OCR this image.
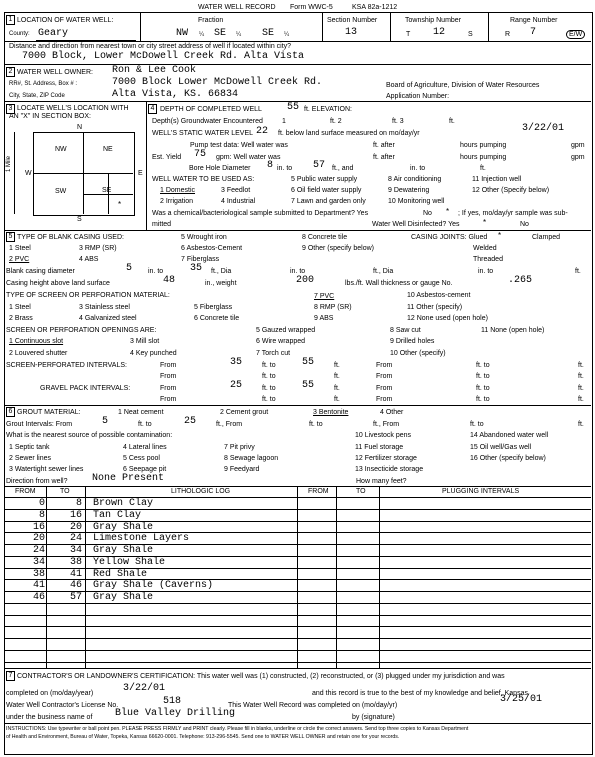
WATER WELL RECORD Form WWC-5	KSA 82a-1212
1 LOCATION OF WATER WELL:
County: Geary
Fraction
NW ¼ SE ¼ SE ¼
Section Number
13
Township Number
T 12	S
Range Number
R 7	E/W
Distance and direction from nearest town or city street address of well if located within city?
7000 Block, Lower McDowell Creek Rd. Alta Vista
2 WATER WELL OWNER: Ron & Lee Cook
RR#, St. Address, Box # :	7000 Block Lower McDowell Creek Rd.
City, State, ZIP Code	Alta Vista, KS. 66834
Board of Agriculture, Division of Water Resources
Application Number:
3 LOCATE WELL'S LOCATION WITH
AN "X" IN SECTION BOX:
N
S
W	E
NW	NE
SW	SE
*
1 Mile
4 DEPTH OF COMPLETED WELL	55 ft. ELEVATION:
Depth(s) Groundwater Encountered	1	ft. 2	ft. 3	ft.
WELL'S STATIC WATER LEVEL 22 ft. below land surface measured on mo/day/yr	3/22/01
Pump test data: Well water was	ft. after	hours pumping	gpm
Est. Yield 75 gpm: Well water was	ft. after	hours pumping	gpm
Bore Hole Diameter 8 in. to 57 ft., and	in. to	ft.
WELL WATER TO BE USED AS:
1 Domestic
2 Irrigation
3 Feedlot
4 Industrial
5 Public water supply
6 Oil field water supply
7 Lawn and garden only
8 Air conditioning
9 Dewatering
10 Monitoring well
11 Injection well
12 Other (Specify below)
Was a chemical/bacteriological sample submitted to Department? Yes	No * ; If yes, mo/day/yr sample was sub-
mitted	Water Well Disinfected? Yes	*	No
5 TYPE OF BLANK CASING USED:
1 Steel
2 PVC
3 RMP (SR)
4 ABS
5 Wrought iron
6 Asbestos-Cement
7 Fiberglass
8 Concrete tile
9 Other (specify below)
CASING JOINTS: Glued *	Clamped
Welded
Threaded
Blank casing diameter	5 in. to	35 ft., Dia	in. to	ft., Dia	in. to	ft.
Casing height above land surface	48	in., weight	200	lbs./ft. Wall thickness or gauge No.	.265
TYPE OF SCREEN OR PERFORATION MATERIAL:
1 Steel
2 Brass
3 Stainless steel
4 Galvanized steel
5 Fiberglass
6 Concrete tile
7 PVC
8 RMP (SR)
9 ABS
10 Asbestos-cement
11 Other (specify)
12 None used (open hole)
SCREEN OR PERFORATION OPENINGS ARE:
1 Continuous slot
2 Louvered shutter
3 Mill slot
4 Key punched
5 Gauzed wrapped
6 Wire wrapped
7 Torch cut
8 Saw cut
9 Drilled holes
10 Other (specify)
11 None (open hole)
SCREEN-PERFORATED INTERVALS:	From	35	ft. to	55	ft.	From	ft. to	ft.
From	ft. to	ft.	From	ft. to	ft.
GRAVEL PACK INTERVALS:	From	25	ft. to	55	ft.	From	ft. to	ft.
From	ft. to	ft.	From	ft. to	ft.
6 GROUT MATERIAL:	1 Neat cement	2 Cement grout	3 Bentonite	4 Other
Grout Intervals: From	5	ft. to	25	ft., From	ft. to	ft., From	ft. to	ft.
What is the nearest source of possible contamination:
1 Septic tank
2 Sewer lines
3 Watertight sewer lines
4 Lateral lines
5 Cess pool
6 Seepage pit
7 Pit privy
8 Sewage lagoon
9 Feedyard
10 Livestock pens
11 Fuel storage
12 Fertilizer storage
13 Insecticide storage
14 Abandoned water well
15 Oil well/Gas well
16 Other (specify below)
Direction from well? None Present	How many feet?
FROM	TO	LITHOLOGIC LOG	FROM	TO	PLUGGING INTERVALS
0	8 Brown Clay
8 16 Tan Clay
16 20 Gray Shale
20 24 Limestone Layers
24 34 Gray Shale
34 38 Yellow Shale
38 41 Red Shale
41 46 Gray Shale (Caverns)
46 57 Gray Shale
7 CONTRACTOR'S OR LANDOWNER'S CERTIFICATION: This water well was (1) constructed, (2) reconstructed, or (3) plugged under my jurisdiction and was
completed on (mo/day/year)	3/22/01	and this record is true to the best of my knowledge and belief. Kansas
Water Well Contractor's License No.	518	This Water Well Record was completed on (mo/day/yr)
3/25/01
under the business name of Blue Valley Drilling	by (signature)
INSTRUCTIONS: Use typewriter or ball point pen. PLEASE PRESS FIRMLY and PRINT clearly. Please fill in blanks, underline or circle the correct answers. Send top three copies to Kansas Department
of Health and Environment, Bureau of Water, Topeka, Kansas 66620-0001. Telephone: 913-296-5545. Send one to WATER WELL OWNER and retain one for your records.
